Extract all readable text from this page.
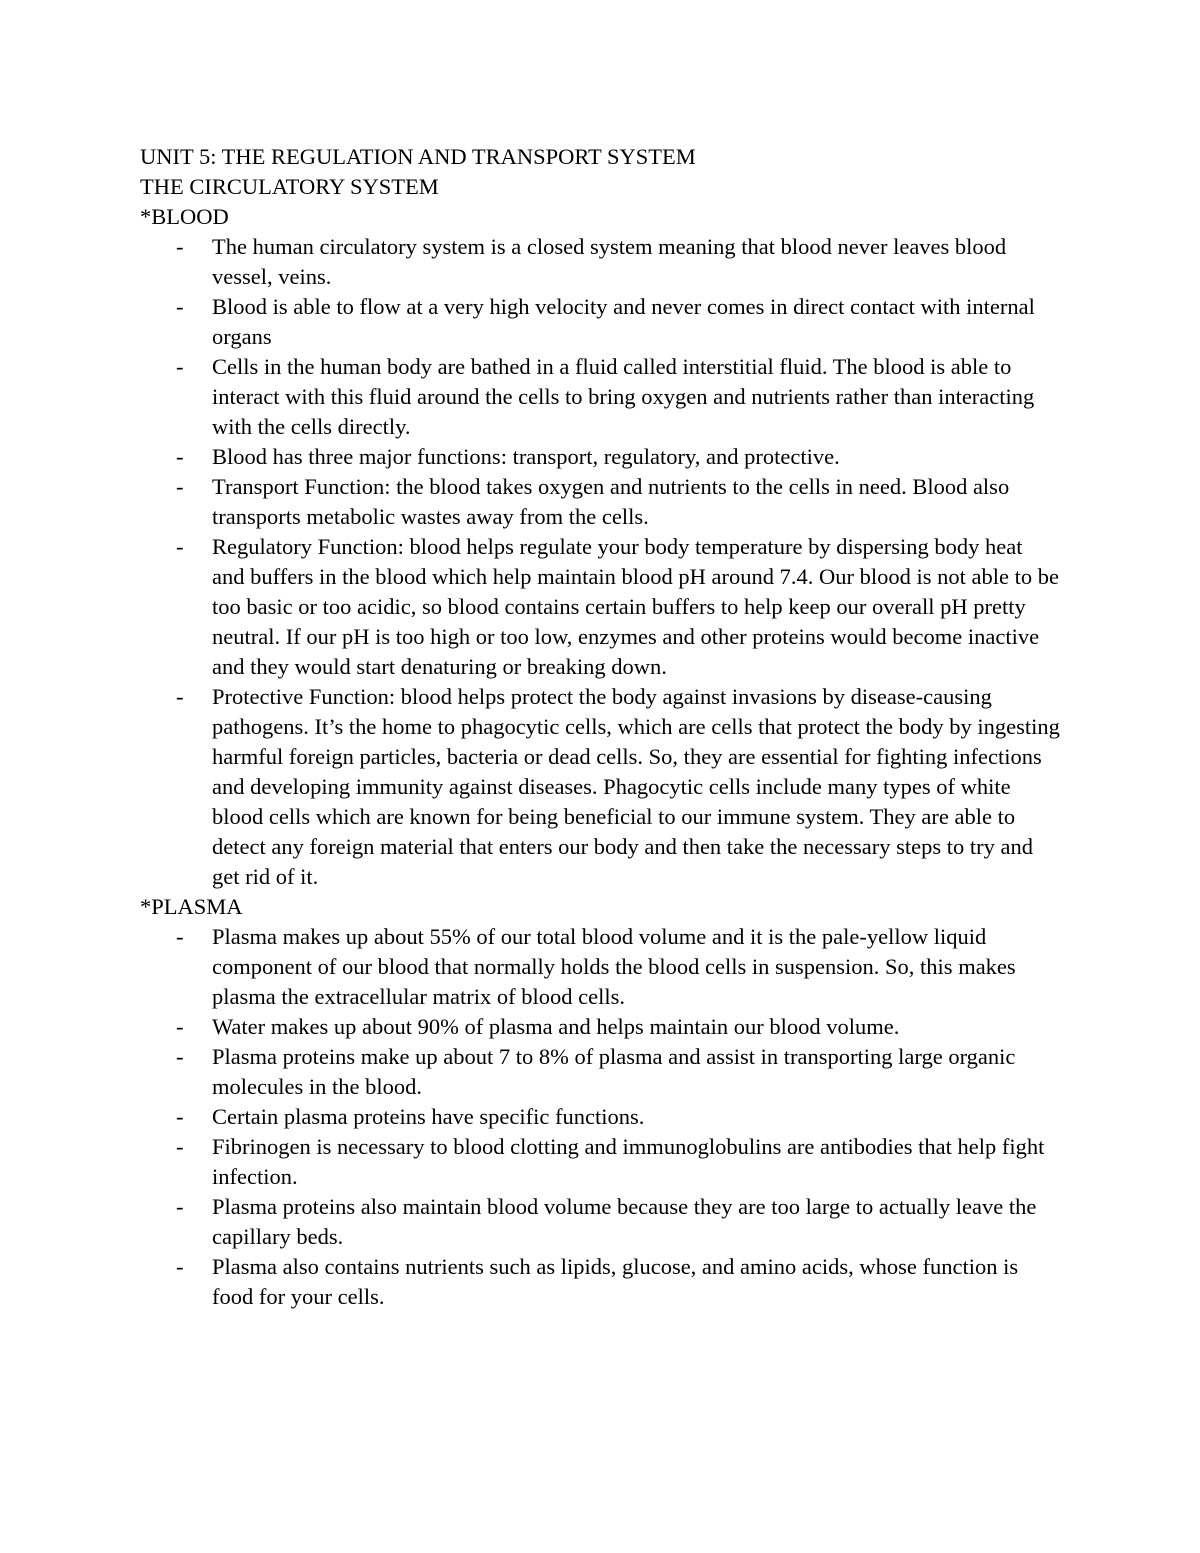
UNIT 5: THE REGULATION AND TRANSPORT SYSTEM
THE CIRCULATORY SYSTEM
*BLOOD
- The human circulatory system is a closed system meaning that blood never leaves blood vessel, veins.
- Blood is able to flow at a very high velocity and never comes in direct contact with internal organs
- Cells in the human body are bathed in a fluid called interstitial fluid. The blood is able to interact with this fluid around the cells to bring oxygen and nutrients rather than interacting with the cells directly.
- Blood has three major functions: transport, regulatory, and protective.
- Transport Function: the blood takes oxygen and nutrients to the cells in need. Blood also transports metabolic wastes away from the cells.
- Regulatory Function: blood helps regulate your body temperature by dispersing body heat and buffers in the blood which help maintain blood pH around 7.4. Our blood is not able to be too basic or too acidic, so blood contains certain buffers to help keep our overall pH pretty neutral. If our pH is too high or too low, enzymes and other proteins would become inactive and they would start denaturing or breaking down.
- Protective Function: blood helps protect the body against invasions by disease-causing pathogens. It’s the home to phagocytic cells, which are cells that protect the body by ingesting harmful foreign particles, bacteria or dead cells. So, they are essential for fighting infections and developing immunity against diseases. Phagocytic cells include many types of white blood cells which are known for being beneficial to our immune system. They are able to detect any foreign material that enters our body and then take the necessary steps to try and get rid of it.
*PLASMA
- Plasma makes up about 55% of our total blood volume and it is the pale-yellow liquid component of our blood that normally holds the blood cells in suspension. So, this makes plasma the extracellular matrix of blood cells.
- Water makes up about 90% of plasma and helps maintain our blood volume.
- Plasma proteins make up about 7 to 8% of plasma and assist in transporting large organic molecules in the blood.
- Certain plasma proteins have specific functions.
- Fibrinogen is necessary to blood clotting and immunoglobulins are antibodies that help fight infection.
- Plasma proteins also maintain blood volume because they are too large to actually leave the capillary beds.
- Plasma also contains nutrients such as lipids, glucose, and amino acids, whose function is food for your cells.
